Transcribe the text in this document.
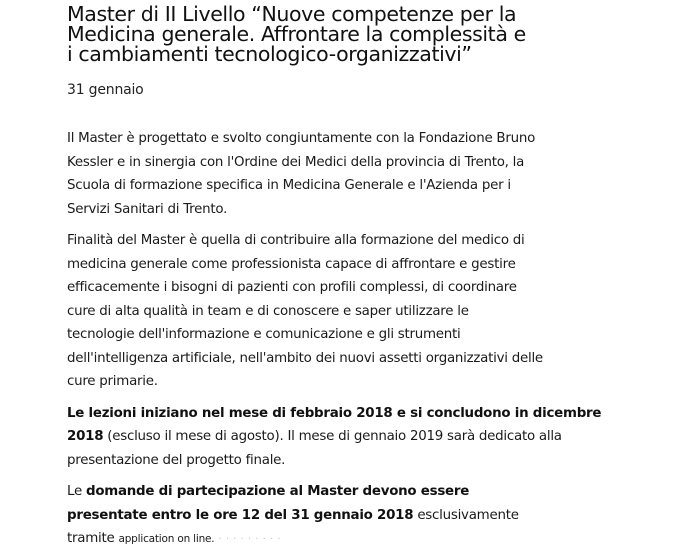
Master di II Livello “Nuove competenze per la
Medicina generale. Affrontare la complessità e
i cambiamenti tecnologico-organizzativi”
31 gennaio

Il Master è progettato e svolto congiuntamente con la Fondazione Bruno
Kessler e in sinergia con l'Ordine dei Medici della provincia di Trento, la
Scuola di formazione specifica in Medicina Generale e l'Azienda per i
Servizi Sanitari di Trento.

Finalità del Master è quella di contribuire alla formazione del medico di
medicina generale come professionista capace di affrontare e gestire
efficacemente i bisogni di pazienti con profili complessi, di coordinare
cure di alta qualità in team e di conoscere e saper utilizzare le
tecnologie dell'informazione e comunicazione e gli strumenti
dell'intelligenza artificiale, nell'ambito dei nuovi assetti organizzativi delle
cure primarie.

Le lezioni iniziano nel mese di febbraio 2018 e si concludono in dicembre
2018 (escluso il mese di agosto). Il mese di gennaio 2019 sarà dedicato alla
presentazione del progetto finale.

Le domande di partecipazione al Master devono essere
presentate entro le ore 12 del 31 gennaio 2018 esclusivamente
tramite application on line. · · · · · · · · ·
